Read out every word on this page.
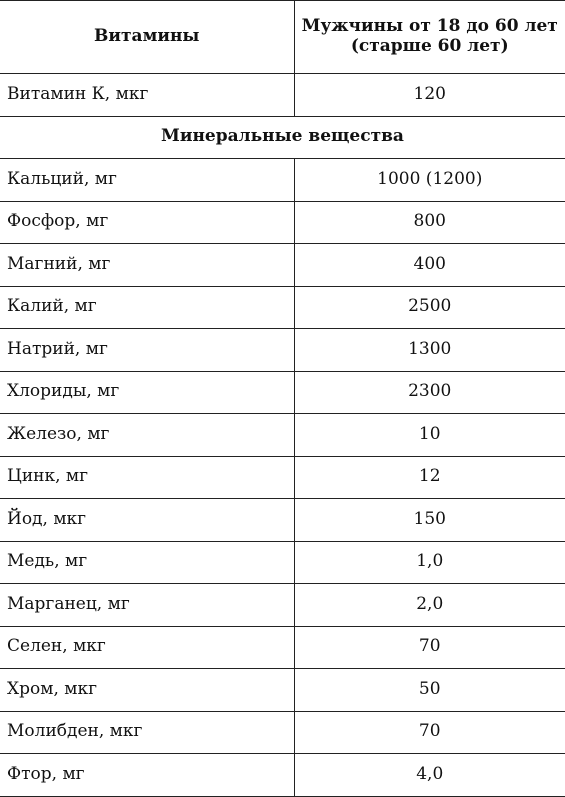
Витамины	Мужчины от 18 до 60 лет
(старше 60 лет)
Витамин К, мкг	120
Минеральные вещества	
Кальций, мг	1000 (1200)
Фосфор, мг	800
Магний, мг	400
Калий, мг	2500
Натрий, мг	1300
Хлориды, мг	2300
Железо, мг	10
Цинк, мг	12
Йод, мкг	150
Медь, мг	1,0
Марганец, мг	2,0
Селен, мкг	70
Хром, мкг	50
Молибден, мкг	70
Фтор, мг	4,0
